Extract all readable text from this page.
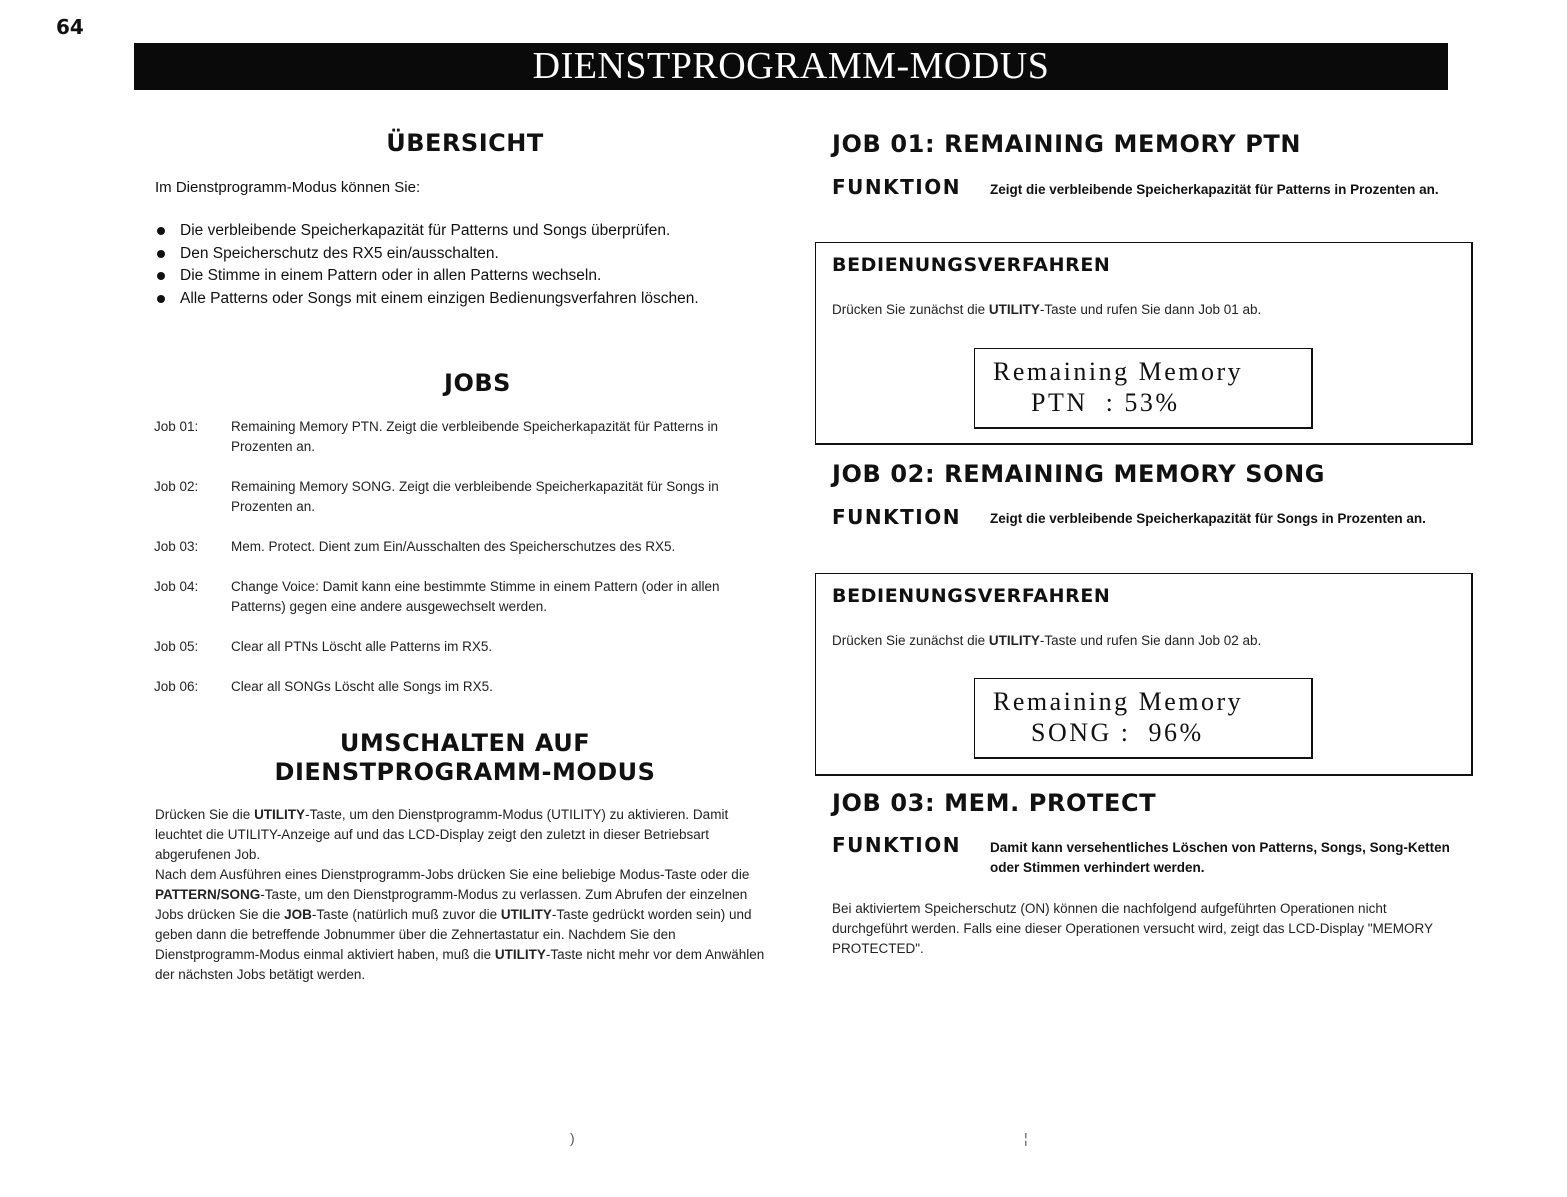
64
DIENSTPROGRAMM-MODUS
ÜBERSICHT
Im Dienstprogramm-Modus können Sie:
Die verbleibende Speicherkapazität für Patterns und Songs überprüfen.
Den Speicherschutz des RX5 ein/ausschalten.
Die Stimme in einem Pattern oder in allen Patterns wechseln.
Alle Patterns oder Songs mit einem einzigen Bedienungsverfahren löschen.
JOBS
Job 01:	Remaining Memory PTN. Zeigt die verbleibende Speicherkapazität für Patterns in Prozenten an.
Job 02:	Remaining Memory SONG. Zeigt die verbleibende Speicherkapazität für Songs in Prozenten an.
Job 03:	Mem. Protect. Dient zum Ein/Ausschalten des Speicherschutzes des RX5.
Job 04:	Change Voice: Damit kann eine bestimmte Stimme in einem Pattern (oder in allen Patterns) gegen eine andere ausgewechselt werden.
Job 05:	Clear all PTNs Löscht alle Patterns im RX5.
Job 06:	Clear all SONGs Löscht alle Songs im RX5.
UMSCHALTEN AUF
DIENSTPROGRAMM-MODUS
Drücken Sie die UTILITY-Taste, um den Dienstprogramm-Modus (UTILITY) zu aktivieren. Damit leuchtet die UTILITY-Anzeige auf und das LCD-Display zeigt den zuletzt in dieser Betriebsart abgerufenen Job.
Nach dem Ausführen eines Dienstprogramm-Jobs drücken Sie eine beliebige Modus-Taste oder die PATTERN/SONG-Taste, um den Dienstprogramm-Modus zu verlassen. Zum Abrufen der einzelnen Jobs drücken Sie die JOB-Taste (natürlich muß zuvor die UTILITY-Taste gedrückt worden sein) und geben dann die betreffende Jobnummer über die Zehnertastatur ein. Nachdem Sie den Dienstprogramm-Modus einmal aktiviert haben, muß die UTILITY-Taste nicht mehr vor dem Anwählen der nächsten Jobs betätigt werden.
JOB 01: REMAINING MEMORY PTN
FUNKTION Zeigt die verbleibende Speicherkapazität für Patterns in Prozenten an.
BEDIENUNGSVERFAHREN
Drücken Sie zunächst die UTILITY-Taste und rufen Sie dann Job 01 ab.
Remaining Memory
PTN  : 53%
JOB 02: REMAINING MEMORY SONG
FUNKTION Zeigt die verbleibende Speicherkapazität für Songs in Prozenten an.
BEDIENUNGSVERFAHREN
Drücken Sie zunächst die UTILITY-Taste und rufen Sie dann Job 02 ab.
Remaining Memory
SONG :  96%
JOB 03: MEM. PROTECT
FUNKTION Damit kann versehentliches Löschen von Patterns, Songs, Song-Ketten oder Stimmen verhindert werden.
Bei aktiviertem Speicherschutz (ON) können die nachfolgend aufgeführten Operationen nicht durchgeführt werden. Falls eine dieser Operationen versucht wird, zeigt das LCD-Display "MEMORY PROTECTED".
)	¦
